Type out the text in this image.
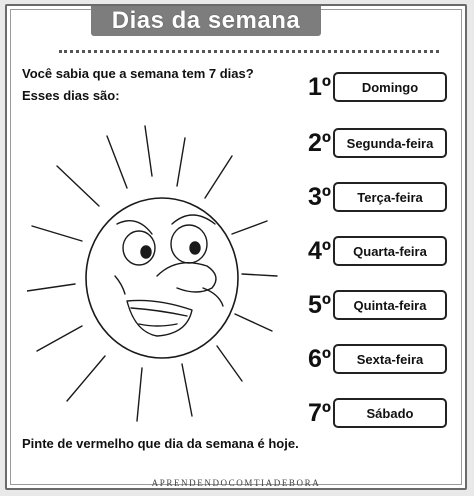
Dias da semana
Você sabia que a semana tem 7 dias?
Esses dias são:	1º Domingo
2º Segunda-feira
3º Terça-feira
4º Quarta-feira
5º Quinta-feira
6º Sexta-feira
7º	Sábado
Pinte de vermelho que dia da semana é hoje.
APRENDENDOCOMTIADEBORA
